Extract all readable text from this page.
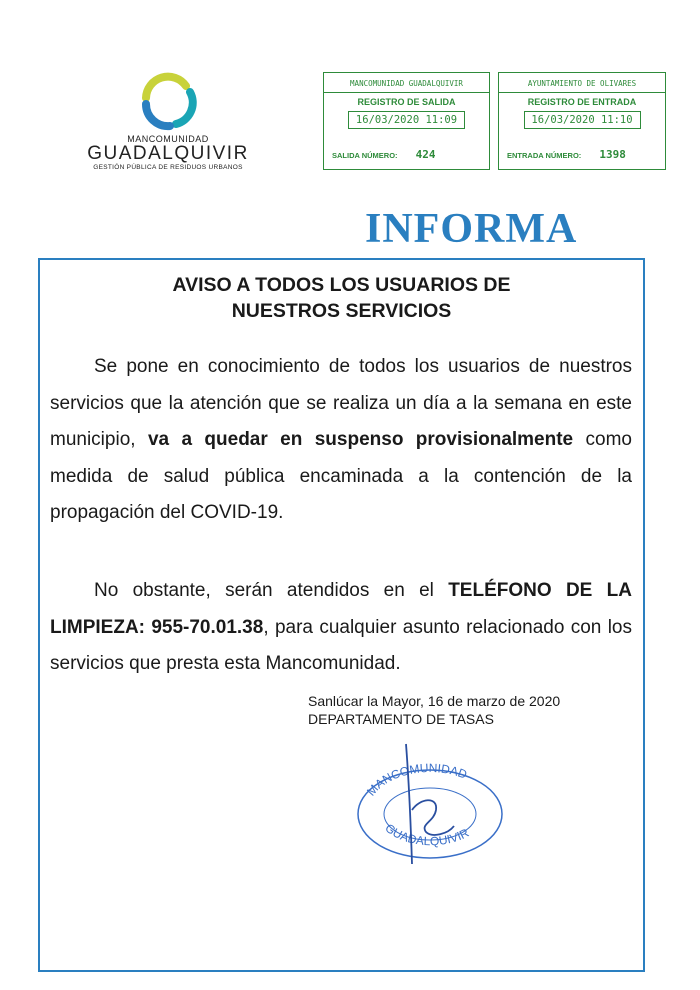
MANCOMUNIDAD
GUADALQUIVIR
GESTIÓN PÚBLICA DE RESIDUOS URBANOS
MANCOMUNIDAD GUADALQUIVIR
REGISTRO DE SALIDA
16/03/2020 11:09
SALIDA NÚMERO: 424
AYUNTAMIENTO DE OLIVARES
REGISTRO DE ENTRADA
16/03/2020 11:10
ENTRADA NÚMERO: 1398
INFORMA
AVISO A TODOS LOS USUARIOS DE
NUESTROS SERVICIOS
Se pone en conocimiento de todos los usuarios de nuestros servicios que la atención que se realiza un día a la semana en este municipio, va a quedar en suspenso provisionalmente como medida de salud pública encaminada a la contención de la propagación del COVID-19.
No obstante, serán atendidos en el TELÉFONO DE LA LIMPIEZA: 955-70.01.38, para cualquier asunto relacionado con los servicios que presta esta Mancomunidad.
Sanlúcar la Mayor, 16 de marzo de 2020
DEPARTAMENTO DE TASAS
MANCOMUNIDAD
GUADALQUIVIR
